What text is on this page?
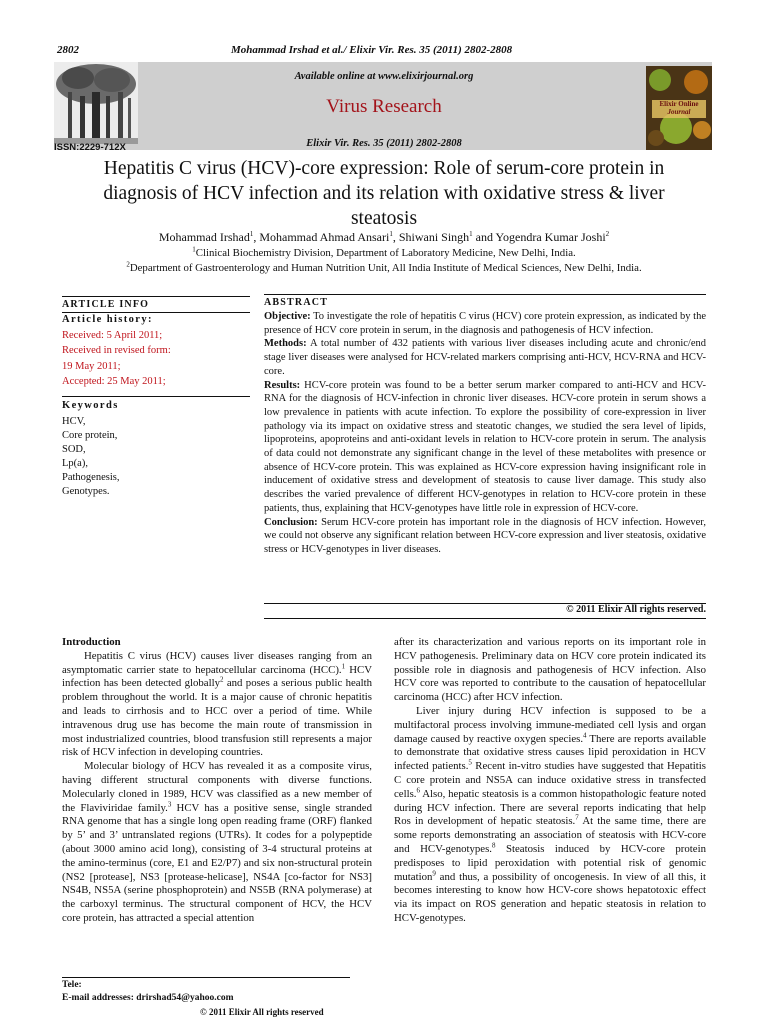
2802	Mohammad Irshad et al./ Elixir Vir. Res. 35 (2011) 2802-2808
ISSN:2229-712X
Available online at www.elixirjournal.org
Virus Research
Elixir Vir. Res. 35 (2011) 2802-2808
Elixir Online
Journal
Hepatitis C virus (HCV)-core expression: Role of serum-core protein in
diagnosis of HCV infection and its relation with oxidative stress & liver
steatosis
Mohammad Irshad$^1$, Mohammad Ahmad Ansari$^1$, Shiwani Singh$^1$ and Yogendra Kumar Joshi$^2$
$^1$Clinical Biochemistry Division, Department of Laboratory Medicine, New Delhi, India.
$^2$Department of Gastroenterology and Human Nutrition Unit, All India Institute of Medical Sciences, New Delhi, India.
ARTICLE INFO
Article history:
Received: 5 April 2011;
Received in revised form:
19 May 2011;
Accepted: 25 May 2011;
Keywords
HCV,
Core protein,
SOD,
Lp(a),
Pathogenesis,
Genotypes.
ABSTRACT

Objective: To investigate the role of hepatitis C virus (HCV) core protein expression, as indicated by the presence of HCV core protein in serum, in the diagnosis and pathogenesis of HCV infection.

Methods: A total number of 432 patients with various liver diseases including acute and chronic/end stage liver diseases were analysed for HCV-related markers comprising anti-HCV, HCV-RNA and HCV-core.

Results: HCV-core protein was found to be a better serum marker compared to anti-HCV and HCV-RNA for the diagnosis of HCV-infection in chronic liver diseases. HCV-core protein in serum shows a low prevalence in patients with acute infection. To explore the possibility of core-expression in liver pathology via its impact on oxidative stress and steatotic changes, we studied the sera level of lipids, lipoproteins, apoproteins and anti-oxidant levels in relation to HCV-core protein in serum. The analysis of data could not demonstrate any significant change in the level of these metabolites with presence or absence of HCV-core protein. This was explained as HCV-core expression having insignificant role in inducement of oxidative stress and development of steatosis to cause liver damage. This study also describes the varied prevalence of different HCV-genotypes in relation to HCV-core protein in these patients, thus, explaining that HCV-genotypes have little role in expression of HCV-core.

Conclusion: Serum HCV-core protein has important role in the diagnosis of HCV infection. However, we could not observe any significant relation between HCV-core expression and liver steatosis, oxidative stress or HCV-genotypes in liver diseases.

© 2011 Elixir All rights reserved.
Introduction

Hepatitis C virus (HCV) causes liver diseases ranging from an asymptomatic carrier state to hepatocellular carcinoma (HCC).$^1$ HCV infection has been detected globally$^2$ and poses a serious public health problem throughout the world. It is a major cause of chronic hepatitis and leads to cirrhosis and to HCC over a period of time. While intravenous drug use has become the main route of transmission in most industrialized countries, blood transfusion still represents a major risk of HCV infection in developing countries.

Molecular biology of HCV has revealed it as a composite virus, having different structural components with diverse functions. Molecularly cloned in 1989, HCV was classified as a new member of the Flaviviridae family.$^3$ HCV has a positive sense, single stranded RNA genome that has a single long open reading frame (ORF) flanked by 5’ and 3’ untranslated regions (UTRs). It codes for a polypeptide (about 3000 amino acid long), consisting of 3-4 structural proteins at the amino-terminus (core, E1 and E2/P7) and six non-structural protein (NS2 [protease], NS3 [protease-helicase], NS4A [co-factor for NS3] NS4B, NS5A (serine phosphoprotein) and NS5B (RNA polymerase) at the carboxyl terminus. The structural component of HCV, the HCV core protein, has attracted a special attention

after its characterization and various reports on its important role in HCV pathogenesis. Preliminary data on HCV core protein indicated its possible role in diagnosis and pathogenesis of HCV infection. Also HCV core was reported to contribute to the causation of hepatocellular carcinoma (HCC) after HCV infection.

Liver injury during HCV infection is supposed to be a multifactoral process involving immune-mediated cell lysis and organ damage caused by reactive oxygen species.$^4$ There are reports available to demonstrate that oxidative stress causes lipid peroxidation in HCV infected patients.$^5$ Recent in-vitro studies have suggested that Hepatitis C core protein and NS5A can induce oxidative stress in transfected cells.$^6$ Also, hepatic steatosis is a common histopathologic feature noted during HCV infection. There are several reports indicating that help Ros in development of hepatic steatosis.$^7$ At the same time, there are some reports demonstrating an association of steatosis with HCV-core and HCV-genotypes.$^8$ Steatosis induced by HCV-core protein predisposes to lipid peroxidation with potential risk of genomic mutation$^9$ and thus, a possibility of oncogenesis. In view of all this, it becomes interesting to know how HCV-core shows hepatotoxic effect via its impact on ROS generation and hepatic steatosis in relation to HCV-genotypes.

Tele:
E-mail addresses: drirshad54@yahoo.com
© 2011 Elixir All rights reserved
